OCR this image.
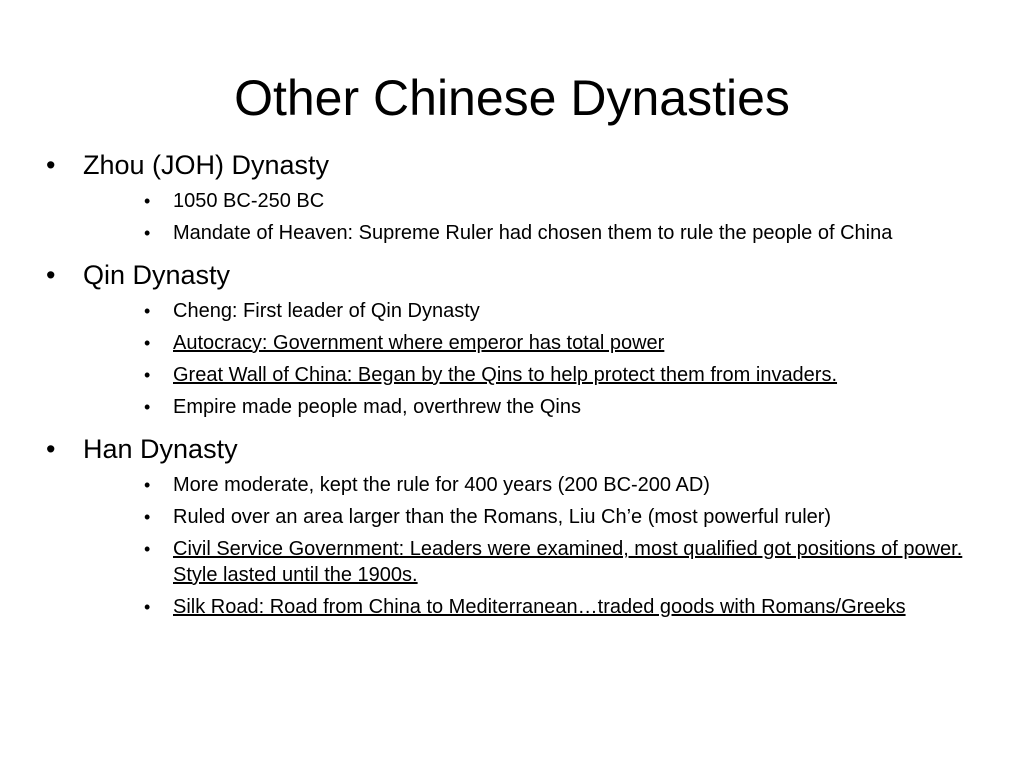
Other Chinese Dynasties
•	Zhou (JOH) Dynasty
•	1050 BC-250 BC
•	Mandate of Heaven: Supreme Ruler had chosen them to rule the people of China
•	Qin Dynasty
•	Cheng: First leader of Qin Dynasty
•	Autocracy: Government where emperor has total power
•	Great Wall of China: Began by the Qins to help protect them from invaders.
•	Empire made people mad, overthrew the Qins
•	Han Dynasty
•	More moderate, kept the rule for 400 years (200 BC-200 AD)
•	Ruled over an area larger than the Romans, Liu Ch’e (most powerful ruler)
•	Civil Service Government: Leaders were examined, most qualified got positions of power. Style lasted until the 1900s.
•	Silk Road: Road from China to Mediterranean…traded goods with Romans/Greeks
